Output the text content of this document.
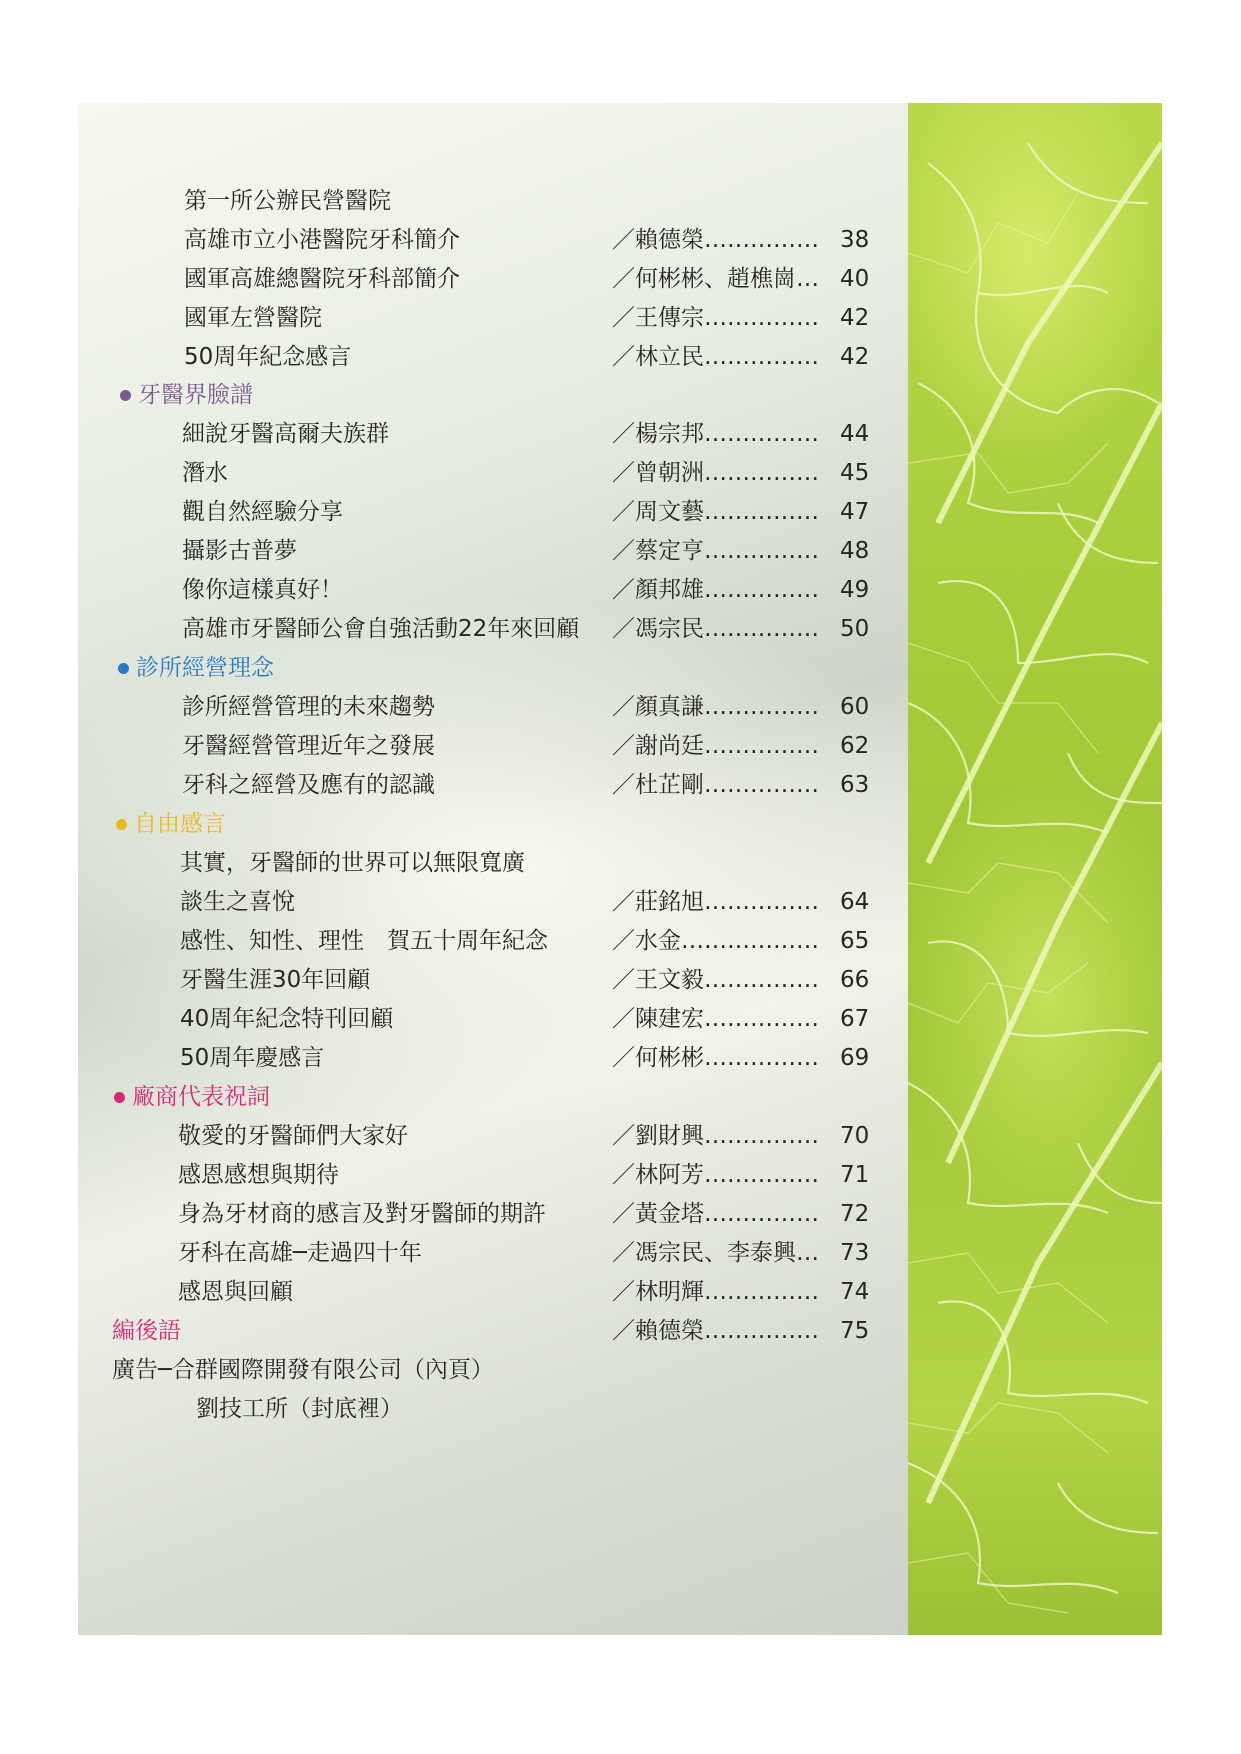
第一所公辦民營醫院
高雄市立小港醫院牙科簡介	／賴德榮…………… 38
國軍高雄總醫院牙科部簡介	／何彬彬、趙樵崗… 40
國軍左營醫院	／王傳宗…………… 42
50周年紀念感言	／林立民…………… 42
牙醫界臉譜
細說牙醫高爾夫族群	／楊宗邦…………… 44
潛水	／曾朝洲…………… 45
觀自然經驗分享	／周文藝…………… 47
攝影古普夢	／蔡定亨…………… 48
像你這樣真好！	／顏邦雄…………… 49
高雄市牙醫師公會自強活動22年來回顧 ／馮宗民…………… 50
診所經營理念
診所經營管理的未來趨勢	／顏真謙…………… 60
牙醫經營管理近年之發展	／謝尚廷…………… 62
牙科之經營及應有的認識	／杜芷剛…………… 63
自由感言
其實，牙醫師的世界可以無限寬廣
談生之喜悅	／莊銘旭…………… 64
感性、知性、理性　賀五十周年紀念	／水金……………… 65
牙醫生涯30年回顧	／王文毅…………… 66
40周年紀念特刊回顧	／陳建宏…………… 67
50周年慶感言	／何彬彬…………… 69
廠商代表祝詞
敬愛的牙醫師們大家好	／劉財興…………… 70
感恩感想與期待	／林阿芳…………… 71
身為牙材商的感言及對牙醫師的期許	／黃金塔…………… 72
牙科在高雄─走過四十年	／馮宗民、李泰興… 73
感恩與回顧	／林明輝…………… 74
編後語	／賴德榮…………… 75
廣告─合群國際開發有限公司（內頁）
劉技工所（封底裡）
